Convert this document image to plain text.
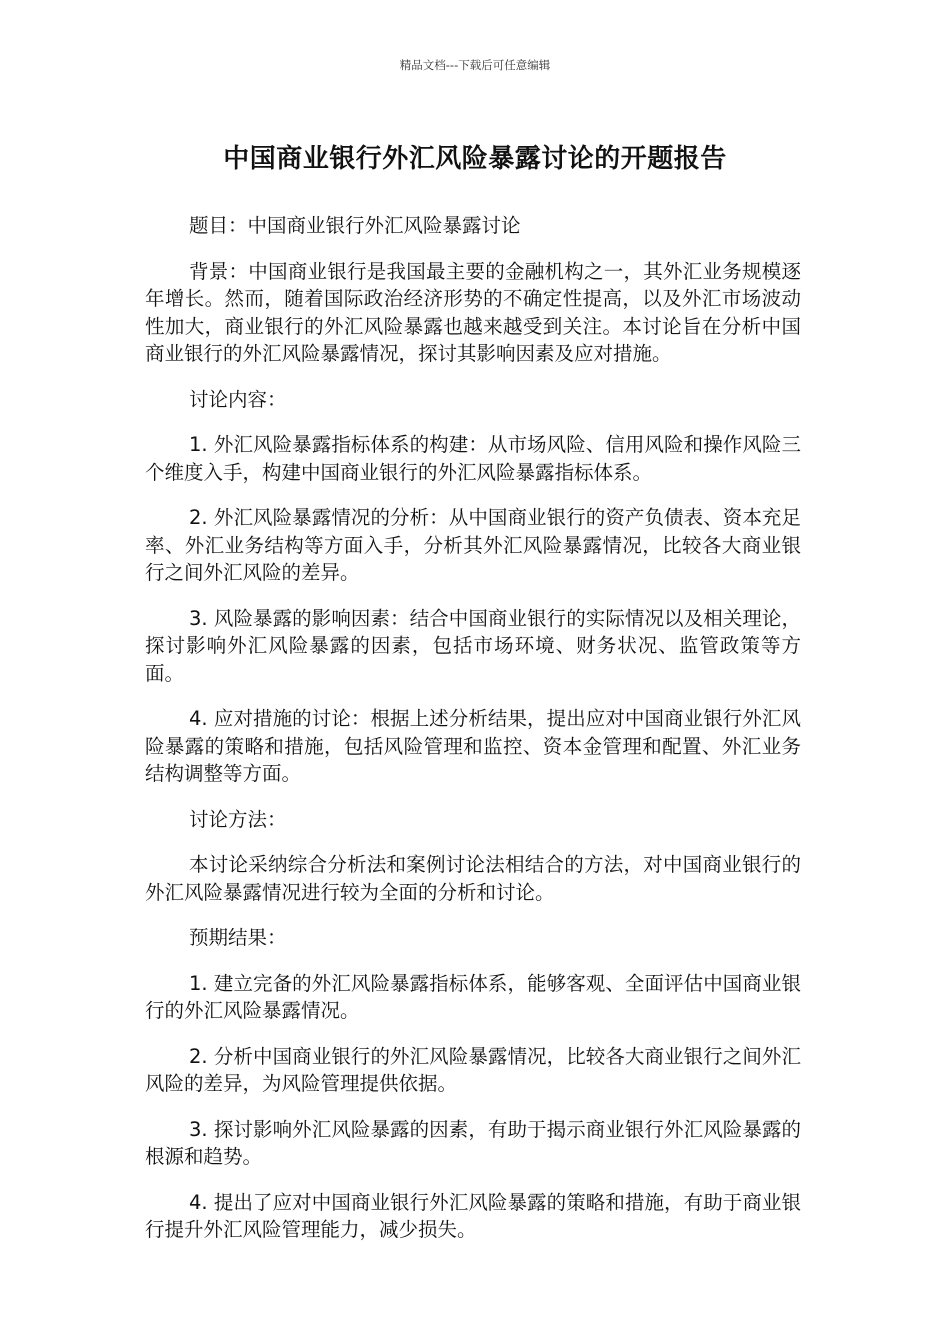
精品文档---下载后可任意编辑
中国商业银行外汇风险暴露讨论的开题报告

题目：中国商业银行外汇风险暴露讨论

背景：中国商业银行是我国最主要的金融机构之一，其外汇业务规模逐年增长。然而，随着国际政治经济形势的不确定性提高，以及外汇市场波动性加大，商业银行的外汇风险暴露也越来越受到关注。本讨论旨在分析中国商业银行的外汇风险暴露情况，探讨其影响因素及应对措施。

讨论内容：

1. 外汇风险暴露指标体系的构建：从市场风险、信用风险和操作风险三个维度入手，构建中国商业银行的外汇风险暴露指标体系。

2. 外汇风险暴露情况的分析：从中国商业银行的资产负债表、资本充足率、外汇业务结构等方面入手，分析其外汇风险暴露情况，比较各大商业银行之间外汇风险的差异。

3. 风险暴露的影响因素：结合中国商业银行的实际情况以及相关理论，探讨影响外汇风险暴露的因素，包括市场环境、财务状况、监管政策等方面。

4. 应对措施的讨论：根据上述分析结果，提出应对中国商业银行外汇风险暴露的策略和措施，包括风险管理和监控、资本金管理和配置、外汇业务结构调整等方面。

讨论方法：

本讨论采纳综合分析法和案例讨论法相结合的方法，对中国商业银行的外汇风险暴露情况进行较为全面的分析和讨论。

预期结果：

1. 建立完备的外汇风险暴露指标体系，能够客观、全面评估中国商业银行的外汇风险暴露情况。

2. 分析中国商业银行的外汇风险暴露情况，比较各大商业银行之间外汇风险的差异，为风险管理提供依据。

3. 探讨影响外汇风险暴露的因素，有助于揭示商业银行外汇风险暴露的根源和趋势。

4. 提出了应对中国商业银行外汇风险暴露的策略和措施，有助于商业银行提升外汇风险管理能力，减少损失。
